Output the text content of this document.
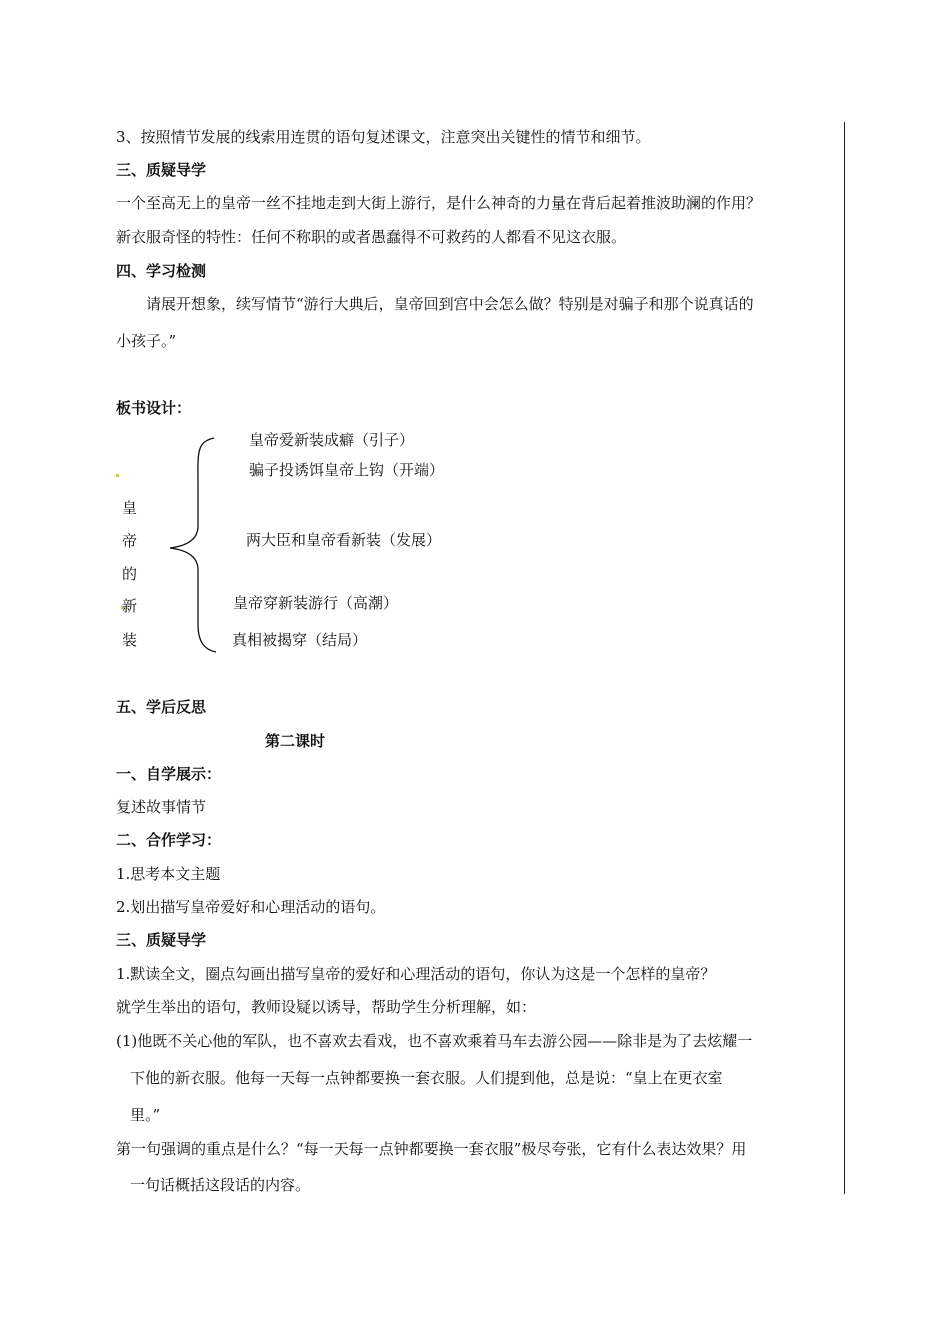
3、按照情节发展的线索用连贯的语句复述课文，注意突出关键性的情节和细节。
三、质疑导学
一个至高无上的皇帝一丝不挂地走到大街上游行，是什么神奇的力量在背后起着推波助澜的作用？
新衣服奇怪的特性：任何不称职的或者愚蠢得不可救药的人都看不见这衣服。
四、学习检测
请展开想象，续写情节“游行大典后，皇帝回到宫中会怎么做？特别是对骗子和那个说真话的
小孩子。”
板书设计：
皇
帝
的
新
装
皇帝爱新装成癖（引子）
骗子投诱饵皇帝上钩（开端）
两大臣和皇帝看新装（发展）
皇帝穿新装游行（高潮）
真相被揭穿（结局）
五、学后反思
第二课时
一、自学展示：
复述故事情节
二、合作学习：
1.思考本文主题
2.划出描写皇帝爱好和心理活动的语句。
三、质疑导学
1.默读全文，圈点勾画出描写皇帝的爱好和心理活动的语句，你认为这是一个怎样的皇帝？
就学生举出的语句，教师设疑以诱导，帮助学生分析理解，如：
(1)他既不关心他的军队，也不喜欢去看戏，也不喜欢乘着马车去游公园——除非是为了去炫耀一
下他的新衣服。他每一天每一点钟都要换一套衣服。人们提到他，总是说：“皇上在更衣室
里。”
第一句强调的重点是什么？“每一天每一点钟都要换一套衣服”极尽夸张，它有什么表达效果？用
一句话概括这段话的内容。
